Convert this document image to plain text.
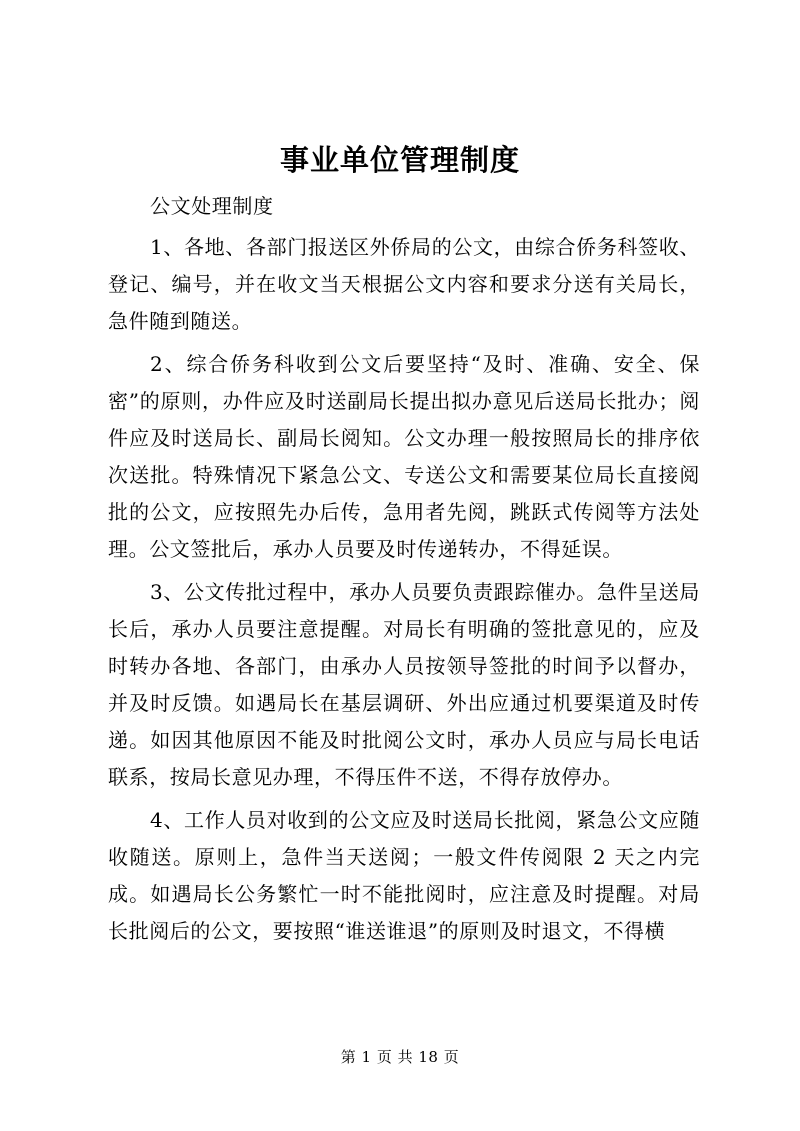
事业单位管理制度

公文处理制度

1、各地、各部门报送区外侨局的公文，由综合侨务科签收、登记、编号，并在收文当天根据公文内容和要求分送有关局长，急件随到随送。

2、综合侨务科收到公文后要坚持“及时、准确、安全、保密”的原则，办件应及时送副局长提出拟办意见后送局长批办；阅件应及时送局长、副局长阅知。公文办理一般按照局长的排序依次送批。特殊情况下紧急公文、专送公文和需要某位局长直接阅批的公文，应按照先办后传，急用者先阅，跳跃式传阅等方法处理。公文签批后，承办人员要及时传递转办，不得延误。

3、公文传批过程中，承办人员要负责跟踪催办。急件呈送局长后，承办人员要注意提醒。对局长有明确的签批意见的，应及时转办各地、各部门，由承办人员按领导签批的时间予以督办，并及时反馈。如遇局长在基层调研、外出应通过机要渠道及时传递。如因其他原因不能及时批阅公文时，承办人员应与局长电话联系，按局长意见办理，不得压件不送，不得存放停办。

4、工作人员对收到的公文应及时送局长批阅，紧急公文应随收随送。原则上，急件当天送阅；一般文件传阅限 2 天之内完成。如遇局长公务繁忙一时不能批阅时，应注意及时提醒。对局长批阅后的公文，要按照“谁送谁退”的原则及时退文，不得横

第 1 页 共 18 页
